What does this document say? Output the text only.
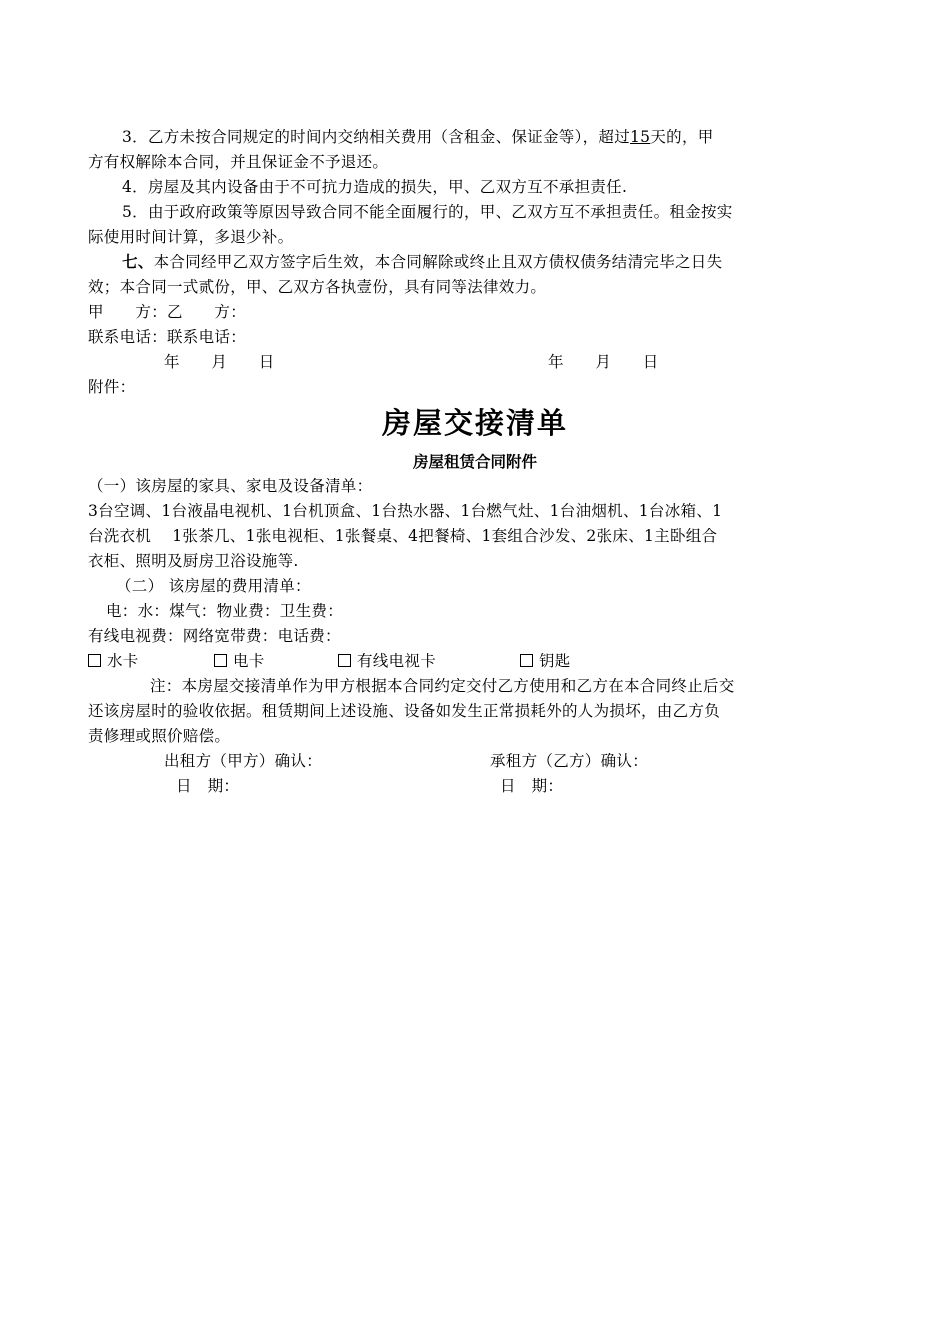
3．乙方未按合同规定的时间内交纳相关费用（含租金、保证金等），超过15天的，甲
方有权解除本合同，并且保证金不予退还。
4．房屋及其内设备由于不可抗力造成的损失，甲、乙双方互不承担责任.
5．由于政府政策等原因导致合同不能全面履行的，甲、乙双方互不承担责任。租金按实
际使用时间计算，多退少补。
七、本合同经甲乙双方签字后生效，本合同解除或终止且双方债权债务结清完毕之日失
效；本合同一式贰份，甲、乙双方各执壹份，具有同等法律效力。
甲　　方：乙　　方：
联系电话：联系电话：
年　　月　　日	年　　月　　日
附件：
房屋交接清单
房屋租赁合同附件
（一）该房屋的家具、家电及设备清单：
3台空调、1台液晶电视机、1台机顶盒、1台热水器、1台燃气灶、1台油烟机、1台冰箱、1
台洗衣机　 1张茶几、1张电视柜、1张餐桌、4把餐椅、1套组合沙发、2张床、1主卧组合
衣柜、照明及厨房卫浴设施等.
（二） 该房屋的费用清单：
电：水：煤气：物业费：卫生费：
有线电视费：网络宽带费：电话费：
水卡	电卡	有线电视卡	钥匙
注：本房屋交接清单作为甲方根据本合同约定交付乙方使用和乙方在本合同终止后交
还该房屋时的验收依据。租赁期间上述设施、设备如发生正常损耗外的人为损坏，由乙方负
责修理或照价赔偿。
出租方（甲方）确认：	承租方（乙方）确认：
日　期：	日　期：
